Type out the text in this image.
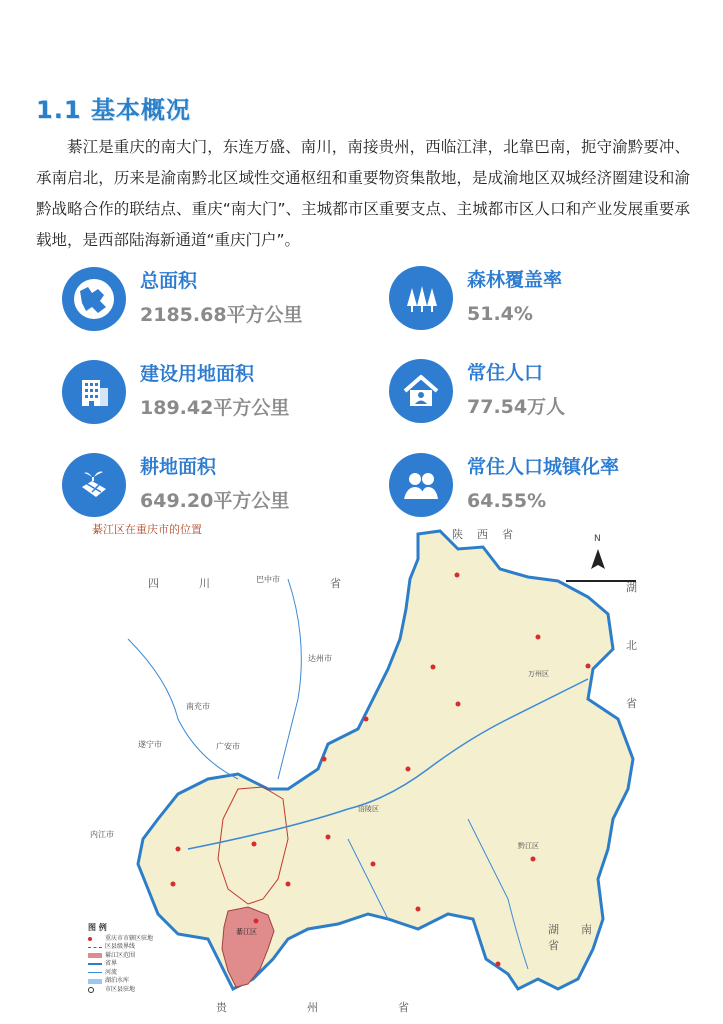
1.1 基本概况

綦江是重庆的南大门，东连万盛、南川，南接贵州，西临江津，北靠巴南，扼守渝黔要冲、承南启北，历来是渝南黔北区域性交通枢纽和重要物资集散地，是成渝地区双城经济圈建设和渝黔战略合作的联结点、重庆“南大门”、主城都市区重要支点、主城都市区人口和产业发展重要承载地，是西部陆海新通道“重庆门户”。

总面积
2185.68平方公里
森林覆盖率
51.4%
建设用地面积
189.42平方公里
常住人口
77.54万人
耕地面积
649.20平方公里
常住人口城镇化率
64.55%
N
綦江区在重庆市的位置	陕西省
四	川	省	湖
北
省
湖南省
贵州省
巴中市
达州市
南充市
广安市
遂宁市
内江市
万州区
綦江区
涪陵区
黔江区
图 例
重庆市市辖区驻地
区县级界线
綦江区范围
省界
河流
湖泊水库
市区县驻地
